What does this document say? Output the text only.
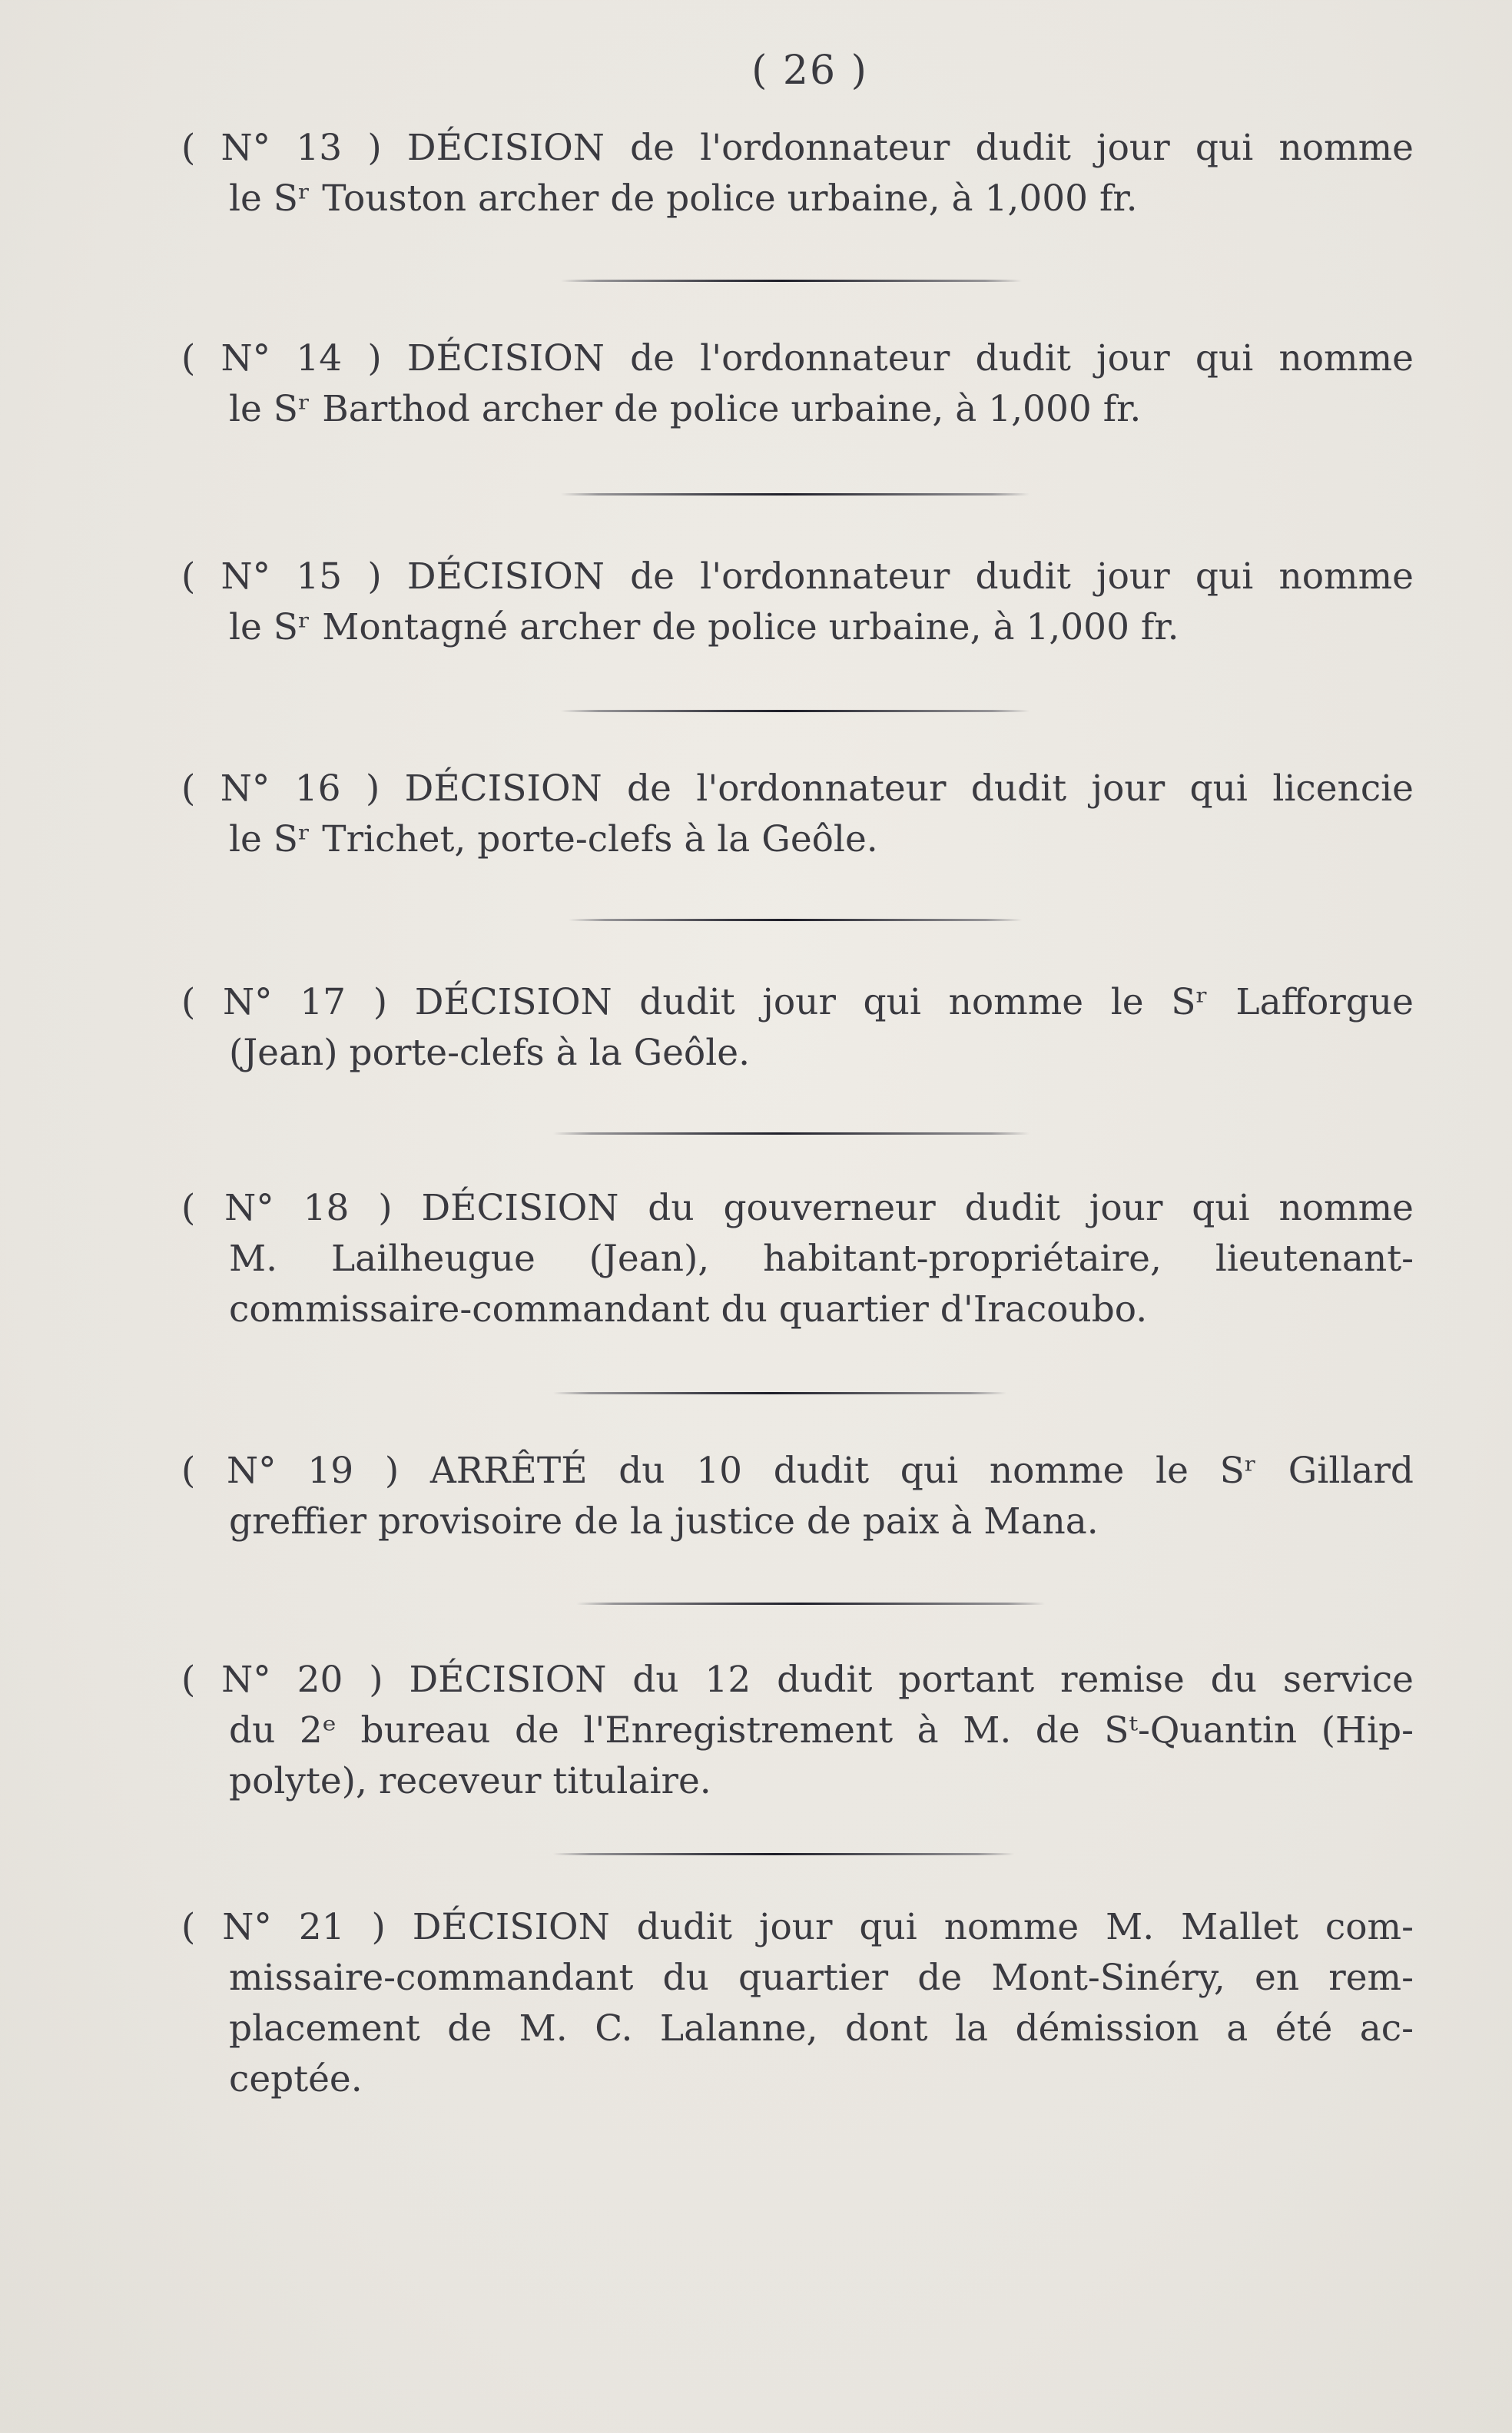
( 26 )
( N° 13 ) DÉCISION de l'ordonnateur dudit jour qui nomme
le Sʳ Touston archer de police urbaine, à 1,000 fr.
( N° 14 ) DÉCISION de l'ordonnateur dudit jour qui nomme
le Sʳ Barthod archer de police urbaine, à 1,000 fr.
( N° 15 ) DÉCISION de l'ordonnateur dudit jour qui nomme
le Sʳ Montagné archer de police urbaine, à 1,000 fr.
( N° 16 ) DÉCISION de l'ordonnateur dudit jour qui licencie
le Sʳ Trichet, porte-clefs à la Geôle.
( N° 17 ) DÉCISION dudit jour qui nomme le Sʳ Lafforgue
(Jean) porte-clefs à la Geôle.
( N° 18 ) DÉCISION du gouverneur dudit jour qui nomme
M. Lailheugue (Jean), habitant-propriétaire, lieutenant-
commissaire-commandant du quartier d'Iracoubo.
( N° 19 ) ARRÊTÉ du 10 dudit qui nomme le Sʳ Gillard
greffier provisoire de la justice de paix à Mana.
( N° 20 ) DÉCISION du 12 dudit portant remise du service
du 2ᵉ bureau de l'Enregistrement à M. de Sᵗ-Quantin (Hip-
polyte), receveur titulaire.
( N° 21 ) DÉCISION dudit jour qui nomme M. Mallet com-
missaire-commandant du quartier de Mont-Sinéry, en rem-
placement de M. C. Lalanne, dont la démission a été ac-
ceptée.
